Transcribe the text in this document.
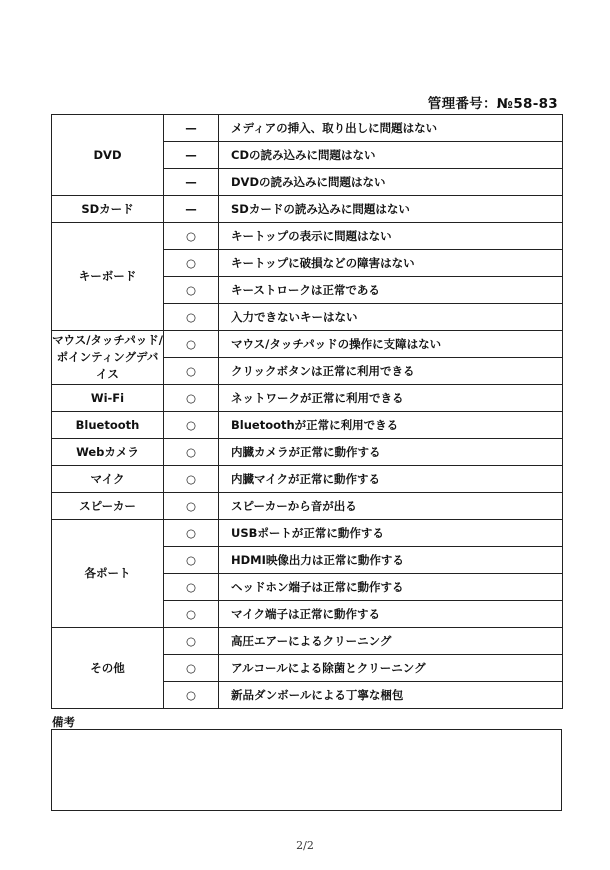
管理番号：№58-83
DVD	—	メディアの挿入、取り出しに問題はない
	—	CDの読み込みに問題はない
	—	DVDの読み込みに問題はない
SDカード	—	SDカードの読み込みに問題はない
キーボード	○	キートップの表示に問題はない
	○	キートップに破損などの障害はない
	○	キーストロークは正常である
	○	入力できないキーはない
マウス/タッチパッド/ポインティングデバイス	○	マウス/タッチパッドの操作に支障はない
	○	クリックボタンは正常に利用できる
Wi-Fi	○	ネットワークが正常に利用できる
Bluetooth	○	Bluetoothが正常に利用できる
Webカメラ	○	内臓カメラが正常に動作する
マイク	○	内臓マイクが正常に動作する
スピーカー	○	スピーカーから音が出る
各ポート	○	USBポートが正常に動作する
	○	HDMI映像出力は正常に動作する
	○	ヘッドホン端子は正常に動作する
	○	マイク端子は正常に動作する
その他	○	高圧エアーによるクリーニング
	○	アルコールによる除菌とクリーニング
	○	新品ダンボールによる丁寧な梱包
備考
2/2
